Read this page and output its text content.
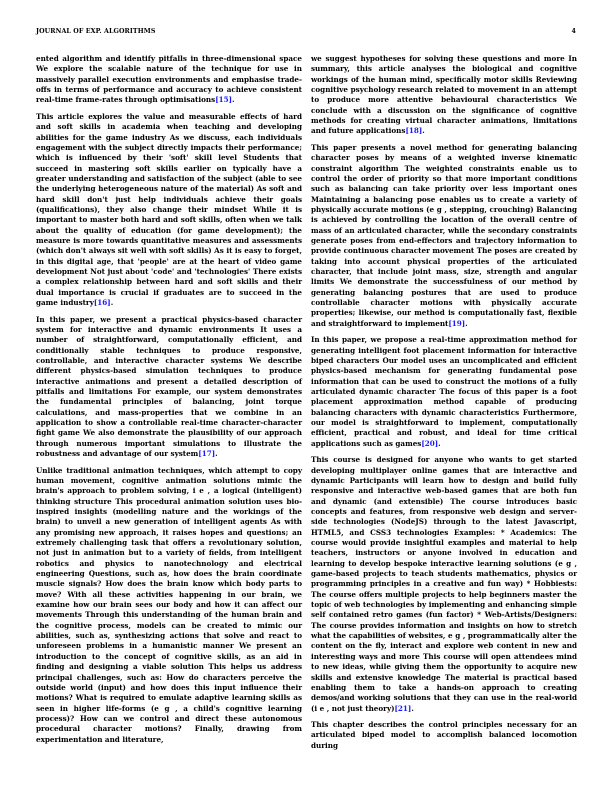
JOURNAL OF EXP. ALGORITHMS	4

ented algorithm and identify pitfalls in three-dimensional space We explore the scalable nature of the technique for use in massively parallel execution environments and emphasise trade-offs in terms of performance and accuracy to achieve consistent real-time frame-rates through optimisations[15].

This article explores the value and measurable effects of hard and soft skills in academia when teaching and developing abilities for the game industry As we discuss, each individuals engagement with the subject directly impacts their performance; which is influenced by their 'soft' skill level Students that succeed in mastering soft skills earlier on typically have a greater understanding and satisfaction of the subject (able to see the underlying heterogeneous nature of the material) As soft and hard skill don't just help individuals achieve their goals (qualifications), they also change their mindset While it is important to master both hard and soft skills, often when we talk about the quality of education (for game development); the measure is more towards quantitative measures and assessments (which don't always sit well with soft skills) As it is easy to forget, in this digital age, that 'people' are at the heart of video game development Not just about 'code' and 'technologies' There exists a complex relationship between hard and soft skills and their dual importance is crucial if graduates are to succeed in the game industry[16].

In this paper, we present a practical physics-based character system for interactive and dynamic environments It uses a number of straightforward, computationally efficient, and conditionally stable techniques to produce responsive, controllable, and interactive character systems We describe different physics-based simulation techniques to produce interactive animations and present a detailed description of pitfalls and limitations For example, our system demonstrates the fundamental principles of balancing, joint torque calculations, and mass-properties that we combine in an application to show a controllable real-time character-character fight game We also demonstrate the plausibility of our approach through numerous important simulations to illustrate the robustness and advantage of our system[17].

Unlike traditional animation techniques, which attempt to copy human movement, cognitive animation solutions mimic the brain's approach to problem solving, i e , a logical (intelligent) thinking structure This procedural animation solution uses bio-inspired insights (modelling nature and the workings of the brain) to unveil a new generation of intelligent agents As with any promising new approach, it raises hopes and questions; an extremely challenging task that offers a revolutionary solution, not just in animation but to a variety of fields, from intelligent robotics and physics to nanotechnology and electrical engineering Questions, such as, how does the brain coordinate muscle signals? How does the brain know which body parts to move? With all these activities happening in our brain, we examine how our brain sees our body and how it can affect our movements Through this understanding of the human brain and the cognitive process, models can be created to mimic our abilities, such as, synthesizing actions that solve and react to unforeseen problems in a humanistic manner We present an introduction to the concept of cognitive skills, as an aid in finding and designing a viable solution This helps us address principal challenges, such as: How do characters perceive the outside world (input) and how does this input influence their motions? What is required to emulate adaptive learning skills as seen in higher life-forms (e g , a child's cognitive learning process)? How can we control and direct these autonomous procedural character motions? Finally, drawing from experimentation and literature,

we suggest hypotheses for solving these questions and more In summary, this article analyses the biological and cognitive workings of the human mind, specifically motor skills Reviewing cognitive psychology research related to movement in an attempt to produce more attentive behavioural characteristics We conclude with a discussion on the significance of cognitive methods for creating virtual character animations, limitations and future applications[18].

This paper presents a novel method for generating balancing character poses by means of a weighted inverse kinematic constraint algorithm The weighted constraints enable us to control the order of priority so that more important conditions such as balancing can take priority over less important ones Maintaining a balancing pose enables us to create a variety of physically accurate motions (e g , stepping, crouching) Balancing is achieved by controlling the location of the overall centre of mass of an articulated character, while the secondary constraints generate poses from end-effectors and trajectory information to provide continuous character movement The poses are created by taking into account physical properties of the articulated character, that include joint mass, size, strength and angular limits We demonstrate the successfulness of our method by generating balancing postures that are used to produce controllable character motions with physically accurate properties; likewise, our method is computationally fast, flexible and straightforward to implement[19].

In this paper, we propose a real-time approximation method for generating intelligent foot placement information for interactive biped characters Our model uses an uncomplicated and efficient physics-based mechanism for generating fundamental pose information that can be used to construct the motions of a fully articulated dynamic character The focus of this paper is a foot placement approximation method capable of producing balancing characters with dynamic characteristics Furthermore, our model is straightforward to implement, computationally efficient, practical and robust, and ideal for time critical applications such as games[20].

This course is designed for anyone who wants to get started developing multiplayer online games that are interactive and dynamic Participants will learn how to design and build fully responsive and interactive web-based games that are both fun and dynamic (and extensible) The course introduces basic concepts and features, from responsive web design and server-side technologies (NodeJS) through to the latest Javascript, HTML5, and CSS3 technologies Examples: * Academics: The course would provide insightful examples and material to help teachers, instructors or anyone involved in education and learning to develop bespoke interactive learning solutions (e g , game-based projects to teach students mathematics, physics or programming principles in a creative and fun way) * Hobbiests: The course offers multiple projects to help beginners master the topic of web technologies by implementing and enhancing simple self contained retro games (fun factor) * Web-Artists/Designers: The course provides information and insights on how to stretch what the capabilities of websites, e g , programmatically alter the content on the fly, interact and explore web content in new and interesting ways and more This course will open attendees mind to new ideas, while giving them the opportunity to acquire new skills and extensive knowledge The material is practical based enabling them to take a hands-on approach to creating demos/and working solutions that they can use in the real-world (i e , not just theory)[21].

This chapter describes the control principles necessary for an articulated biped model to accomplish balanced locomotion during
